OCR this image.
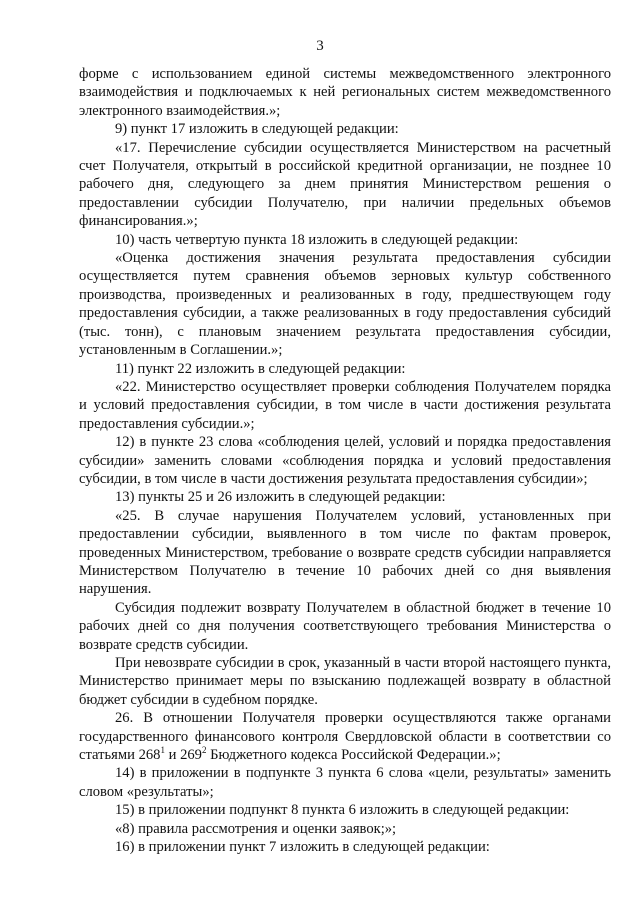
3

форме с использованием единой системы межведомственного электронного взаимодействия и подключаемых к ней региональных систем межведомственного электронного взаимодействия.»;

9) пункт 17 изложить в следующей редакции:

«17. Перечисление субсидии осуществляется Министерством на расчетный счет Получателя, открытый в российской кредитной организации, не позднее 10 рабочего дня, следующего за днем принятия Министерством решения о предоставлении субсидии Получателю, при наличии предельных объемов финансирования.»;

10) часть четвертую пункта 18 изложить в следующей редакции:

«Оценка достижения значения результата предоставления субсидии осуществляется путем сравнения объемов зерновых культур собственного производства, произведенных и реализованных в году, предшествующем году предоставления субсидии, а также реализованных в году предоставления субсидий (тыс. тонн), с плановым значением результата предоставления субсидии, установленным в Соглашении.»;

11) пункт 22 изложить в следующей редакции:

«22. Министерство осуществляет проверки соблюдения Получателем порядка и условий предоставления субсидии, в том числе в части достижения результата предоставления субсидии.»;

12) в пункте 23 слова «соблюдения целей, условий и порядка предоставления субсидии» заменить словами «соблюдения порядка и условий предоставления субсидии, в том числе в части достижения результата предоставления субсидии»;

13) пункты 25 и 26 изложить в следующей редакции:

«25. В случае нарушения Получателем условий, установленных при предоставлении субсидии, выявленного в том числе по фактам проверок, проведенных Министерством, требование о возврате средств субсидии направляется Министерством Получателю в течение 10 рабочих дней со дня выявления нарушения.

Субсидия подлежит возврату Получателем в областной бюджет в течение 10 рабочих дней со дня получения соответствующего требования Министерства о возврате средств субсидии.

При невозврате субсидии в срок, указанный в части второй настоящего пункта, Министерство принимает меры по взысканию подлежащей возврату в областной бюджет субсидии в судебном порядке.

26. В отношении Получателя проверки осуществляются также органами государственного финансового контроля Свердловской области в соответствии со статьями $268^1$ и $269^2$ Бюджетного кодекса Российской Федерации.»;

14) в приложении в подпункте 3 пункта 6 слова «цели, результаты» заменить словом «результаты»;

15) в приложении подпункт 8 пункта 6 изложить в следующей редакции:

«8) правила рассмотрения и оценки заявок;»;

16) в приложении пункт 7 изложить в следующей редакции:
